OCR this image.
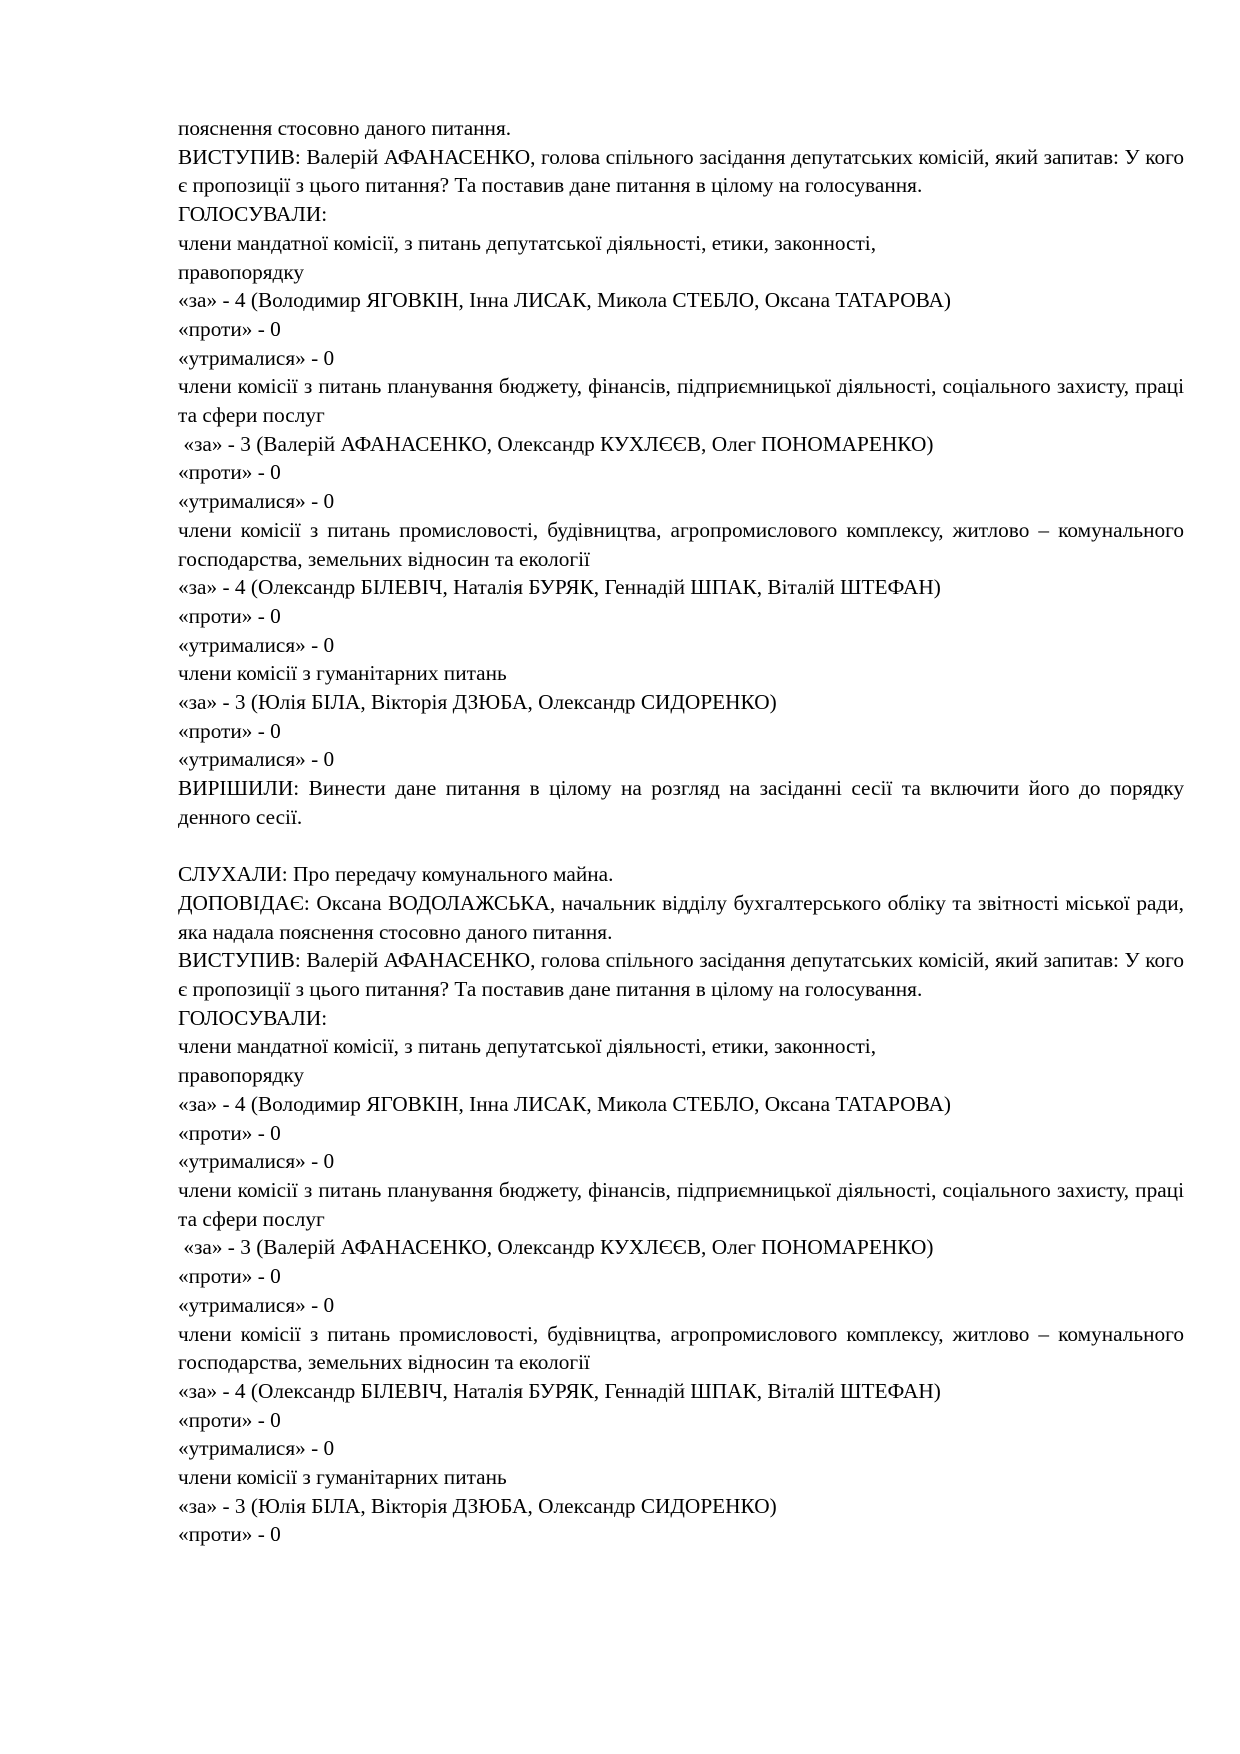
пояснення стосовно даного питання.
ВИСТУПИВ: Валерій АФАНАСЕНКО, голова спільного засідання депутатських комісій, який запитав: У кого є пропозиції з цього питання? Та поставив дане питання в цілому на голосування.
ГОЛОСУВАЛИ:
члени мандатної комісії, з питань депутатської діяльності, етики, законності,
правопорядку
«за» - 4 (Володимир ЯГОВКІН, Інна ЛИСАК, Микола СТЕБЛО, Оксана ТАТАРОВА)
«проти» - 0
«утрималися» - 0
члени комісії з питань планування бюджету, фінансів, підприємницької діяльності, соціального захисту, праці та сфери послуг
«за» - 3 (Валерій АФАНАСЕНКО, Олександр КУХЛЄЄВ, Олег ПОНОМАРЕНКО)
«проти» - 0
«утрималися» - 0
члени комісії з питань промисловості, будівництва, агропромислового комплексу, житлово – комунального господарства, земельних відносин та екології
«за» - 4 (Олександр БІЛЕВІЧ, Наталія БУРЯК, Геннадій ШПАК, Віталій ШТЕФАН)
«проти» - 0
«утрималися» - 0
члени комісії з гуманітарних питань
«за» - 3 (Юлія БІЛА, Вікторія ДЗЮБА, Олександр СИДОРЕНКО)
«проти» - 0
«утрималися» - 0
ВИРІШИЛИ: Винести дане питання в цілому на розгляд на засіданні сесії та включити його до порядку денного сесії.
СЛУХАЛИ: Про передачу комунального майна.
ДОПОВІДАЄ: Оксана ВОДОЛАЖСЬКА, начальник відділу бухгалтерського обліку та звітності міської ради, яка надала пояснення стосовно даного питання.
ВИСТУПИВ: Валерій АФАНАСЕНКО, голова спільного засідання депутатських комісій, який запитав: У кого є пропозиції з цього питання? Та поставив дане питання в цілому на голосування.
ГОЛОСУВАЛИ:
члени мандатної комісії, з питань депутатської діяльності, етики, законності,
правопорядку
«за» - 4 (Володимир ЯГОВКІН, Інна ЛИСАК, Микола СТЕБЛО, Оксана ТАТАРОВА)
«проти» - 0
«утрималися» - 0
члени комісії з питань планування бюджету, фінансів, підприємницької діяльності, соціального захисту, праці та сфери послуг
«за» - 3 (Валерій АФАНАСЕНКО, Олександр КУХЛЄЄВ, Олег ПОНОМАРЕНКО)
«проти» - 0
«утрималися» - 0
члени комісії з питань промисловості, будівництва, агропромислового комплексу, житлово – комунального господарства, земельних відносин та екології
«за» - 4 (Олександр БІЛЕВІЧ, Наталія БУРЯК, Геннадій ШПАК, Віталій ШТЕФАН)
«проти» - 0
«утрималися» - 0
члени комісії з гуманітарних питань
«за» - 3 (Юлія БІЛА, Вікторія ДЗЮБА, Олександр СИДОРЕНКО)
«проти» - 0
